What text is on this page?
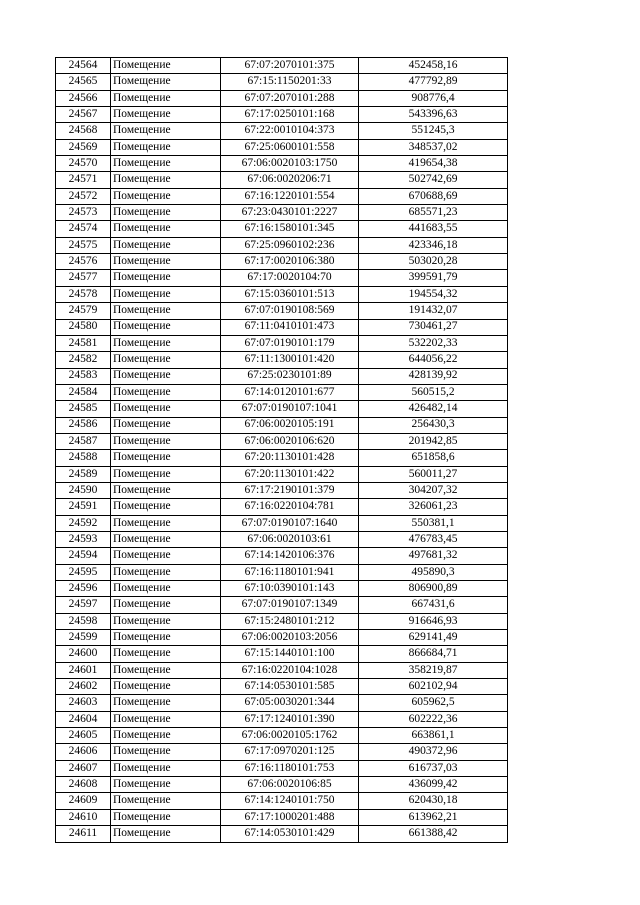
24564	Помещение	67:07:2070101:375	452458,16
24565	Помещение	67:15:1150201:33	477792,89
24566	Помещение	67:07:2070101:288	908776,4
24567	Помещение	67:17:0250101:168	543396,63
24568	Помещение	67:22:0010104:373	551245,3
24569	Помещение	67:25:0600101:558	348537,02
24570	Помещение	67:06:0020103:1750	419654,38
24571	Помещение	67:06:0020206:71	502742,69
24572	Помещение	67:16:1220101:554	670688,69
24573	Помещение	67:23:0430101:2227	685571,23
24574	Помещение	67:16:1580101:345	441683,55
24575	Помещение	67:25:0960102:236	423346,18
24576	Помещение	67:17:0020106:380	503020,28
24577	Помещение	67:17:0020104:70	399591,79
24578	Помещение	67:15:0360101:513	194554,32
24579	Помещение	67:07:0190108:569	191432,07
24580	Помещение	67:11:0410101:473	730461,27
24581	Помещение	67:07:0190101:179	532202,33
24582	Помещение	67:11:1300101:420	644056,22
24583	Помещение	67:25:0230101:89	428139,92
24584	Помещение	67:14:0120101:677	560515,2
24585	Помещение	67:07:0190107:1041	426482,14
24586	Помещение	67:06:0020105:191	256430,3
24587	Помещение	67:06:0020106:620	201942,85
24588	Помещение	67:20:1130101:428	651858,6
24589	Помещение	67:20:1130101:422	560011,27
24590	Помещение	67:17:2190101:379	304207,32
24591	Помещение	67:16:0220104:781	326061,23
24592	Помещение	67:07:0190107:1640	550381,1
24593	Помещение	67:06:0020103:61	476783,45
24594	Помещение	67:14:1420106:376	497681,32
24595	Помещение	67:16:1180101:941	495890,3
24596	Помещение	67:10:0390101:143	806900,89
24597	Помещение	67:07:0190107:1349	667431,6
24598	Помещение	67:15:2480101:212	916646,93
24599	Помещение	67:06:0020103:2056	629141,49
24600	Помещение	67:15:1440101:100	866684,71
24601	Помещение	67:16:0220104:1028	358219,87
24602	Помещение	67:14:0530101:585	602102,94
24603	Помещение	67:05:0030201:344	605962,5
24604	Помещение	67:17:1240101:390	602222,36
24605	Помещение	67:06:0020105:1762	663861,1
24606	Помещение	67:17:0970201:125	490372,96
24607	Помещение	67:16:1180101:753	616737,03
24608	Помещение	67:06:0020106:85	436099,42
24609	Помещение	67:14:1240101:750	620430,18
24610	Помещение	67:17:1000201:488	613962,21
24611	Помещение	67:14:0530101:429	661388,42
